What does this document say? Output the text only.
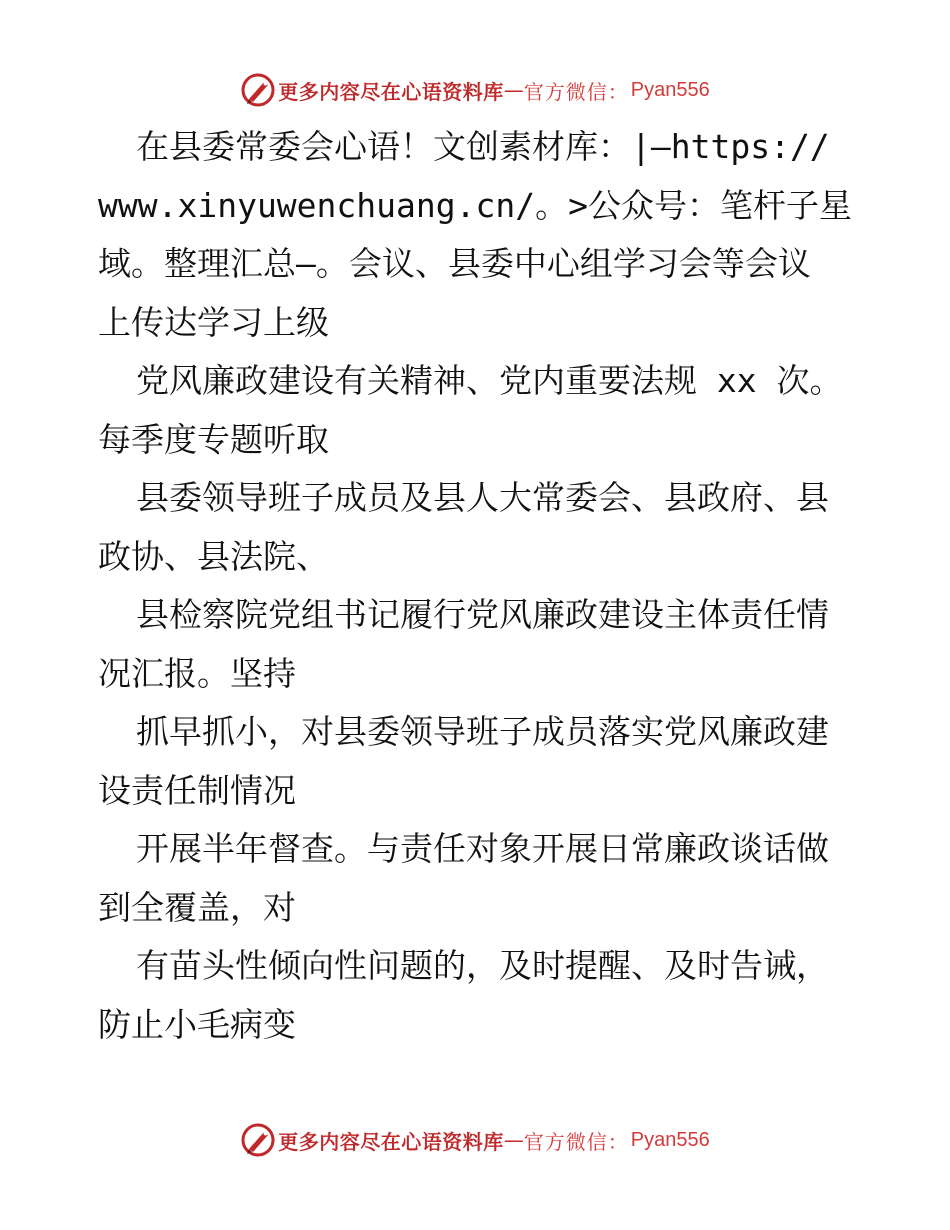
更多内容尽在心语资料库 — 官方微信： Pyan556
在县委常委会心语！文创素材库：|—https://
www.xinyuwenchuang.cn/。>公众号：笔杆子星
域。整理汇总—。会议、县委中心组学习会等会议
上传达学习上级
党风廉政建设有关精神、党内重要法规 xx 次。
每季度专题听取
县委领导班子成员及县人大常委会、县政府、县
政协、县法院、
县检察院党组书记履行党风廉政建设主体责任情
况汇报。坚持
抓早抓小，对县委领导班子成员落实党风廉政建
设责任制情况
开展半年督查。与责任对象开展日常廉政谈话做
到全覆盖，对
有苗头性倾向性问题的，及时提醒、及时告诫，
防止小毛病变
更多内容尽在心语资料库 — 官方微信： Pyan556
